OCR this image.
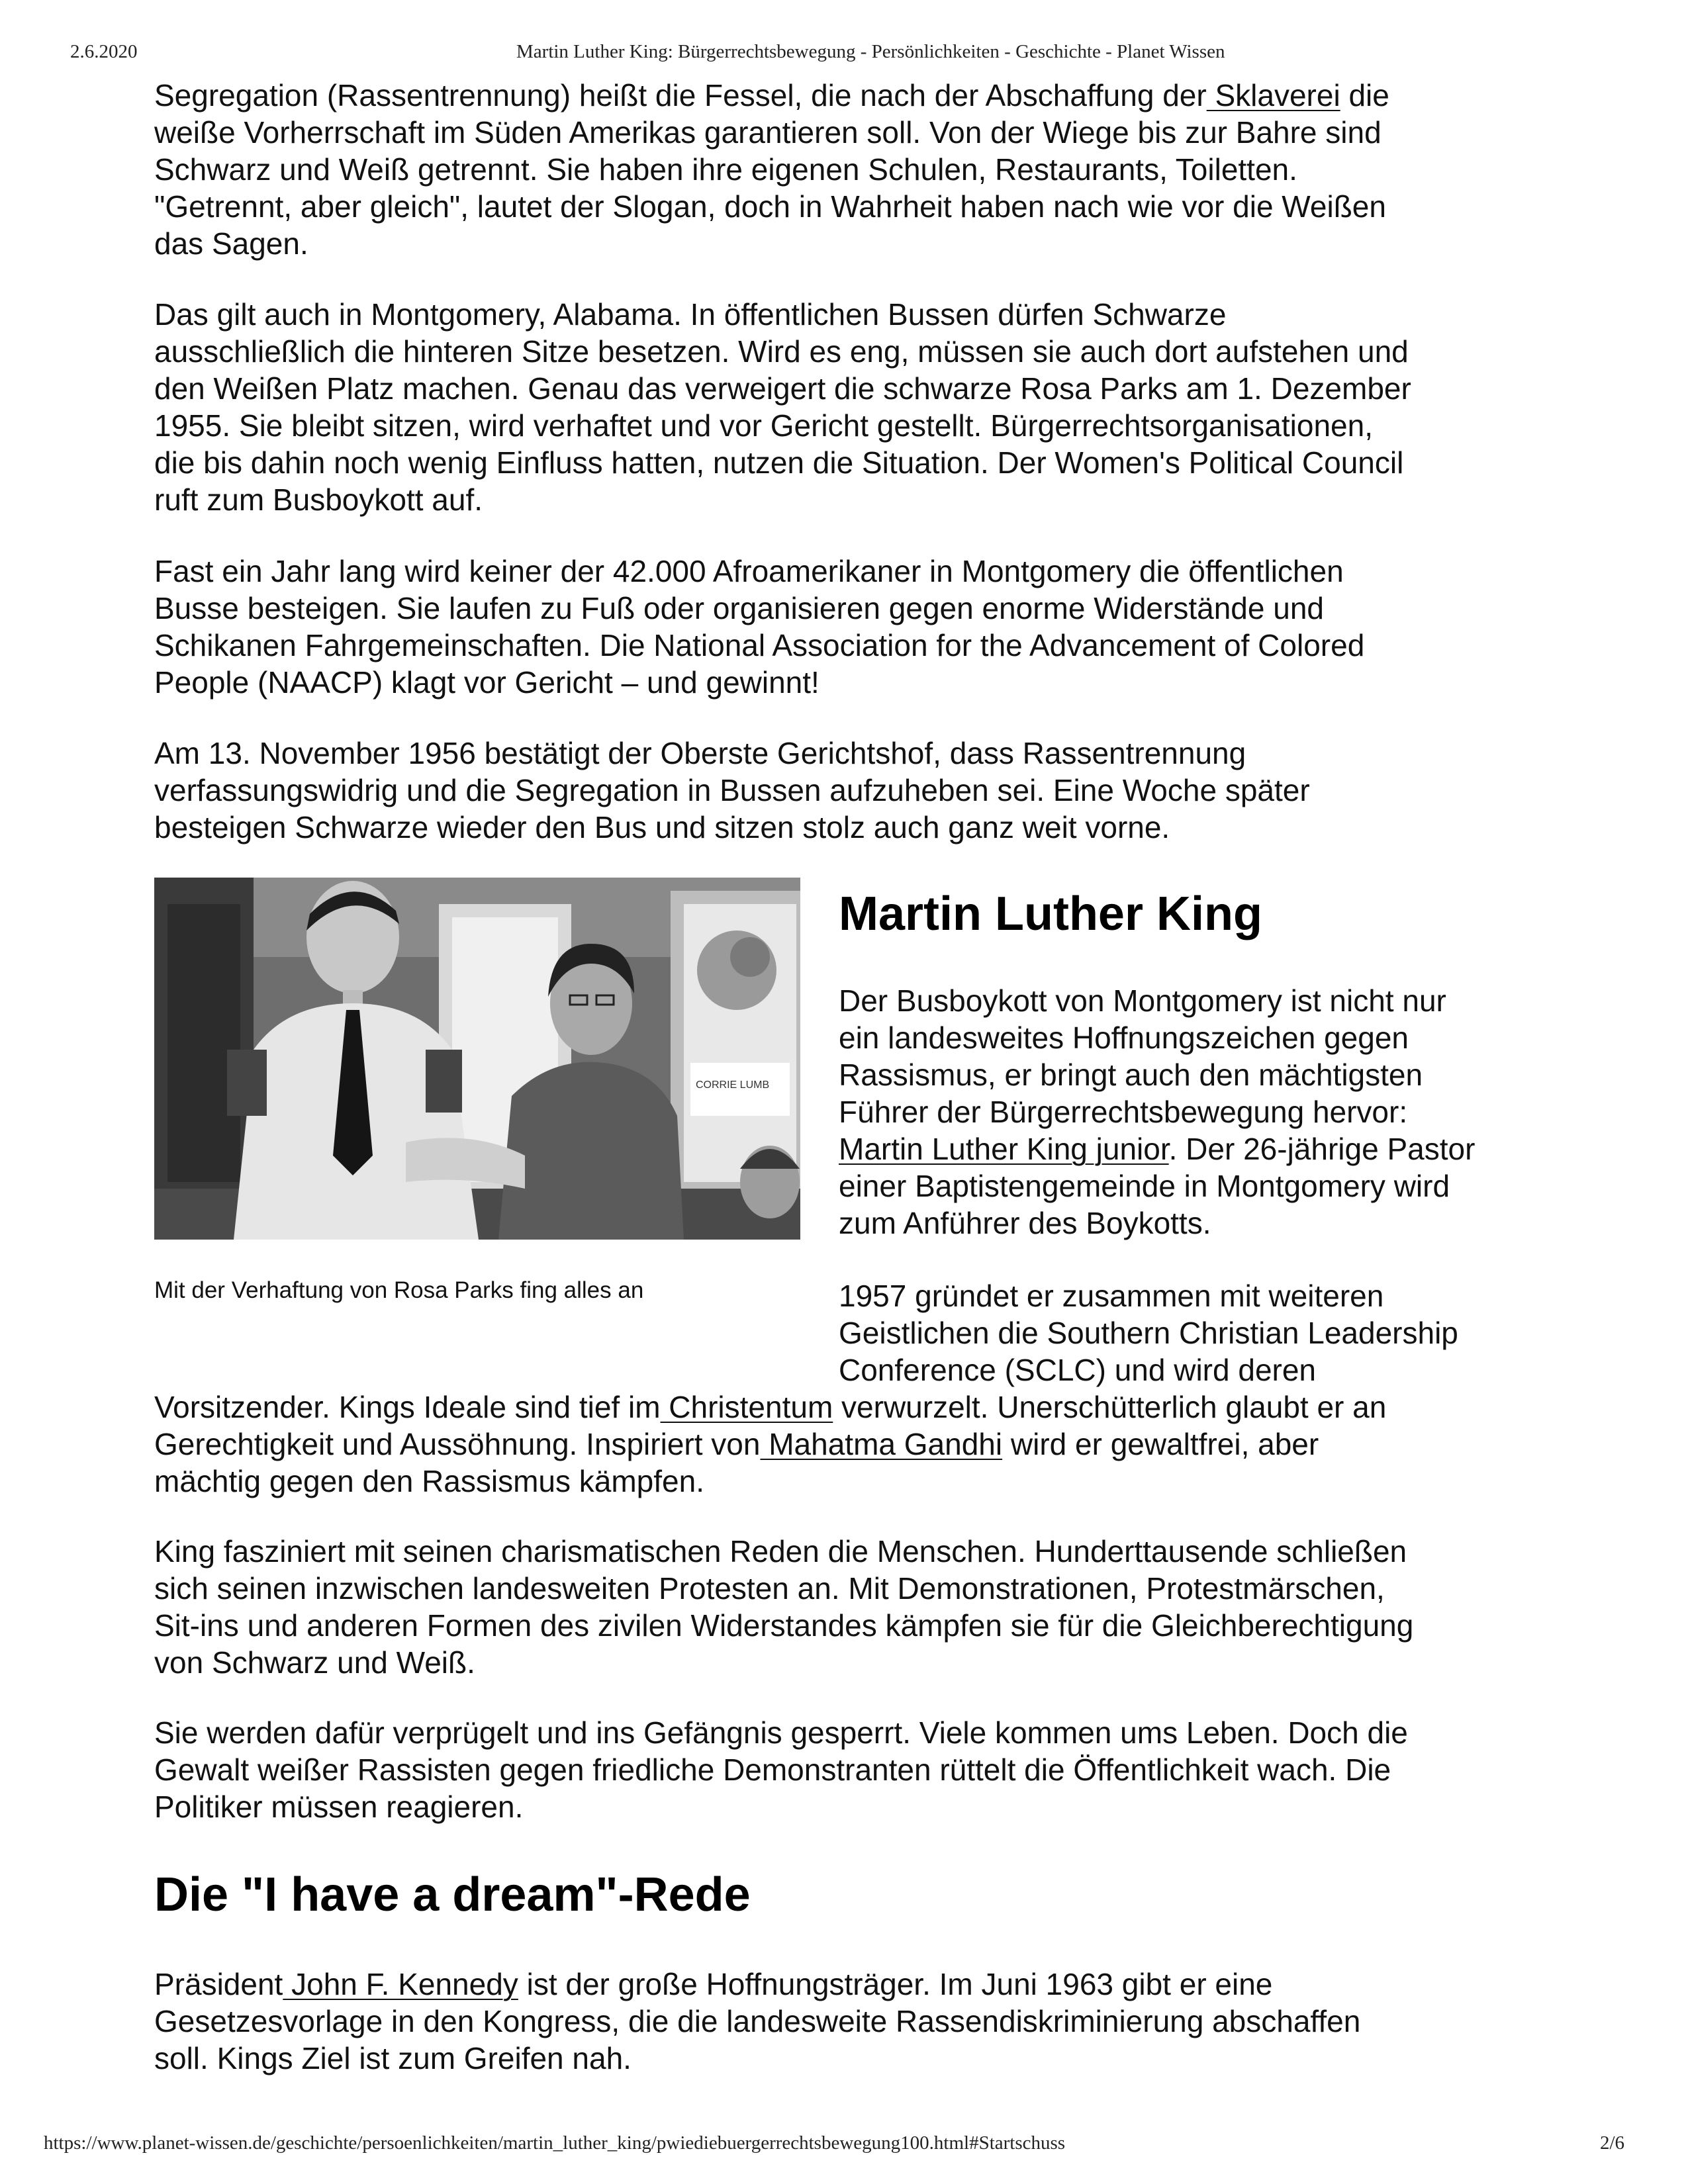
2.6.2020	Martin Luther King: Bürgerrechtsbewegung - Persönlichkeiten - Geschichte - Planet Wissen
Segregation (Rassentrennung) heißt die Fessel, die nach der Abschaffung der Sklaverei die
weiße Vorherrschaft im Süden Amerikas garantieren soll. Von der Wiege bis zur Bahre sind
Schwarz und Weiß getrennt. Sie haben ihre eigenen Schulen, Restaurants, Toiletten.
"Getrennt, aber gleich", lautet der Slogan, doch in Wahrheit haben nach wie vor die Weißen
das Sagen.
Das gilt auch in Montgomery, Alabama. In öffentlichen Bussen dürfen Schwarze
ausschließlich die hinteren Sitze besetzen. Wird es eng, müssen sie auch dort aufstehen und
den Weißen Platz machen. Genau das verweigert die schwarze Rosa Parks am 1. Dezember
1955. Sie bleibt sitzen, wird verhaftet und vor Gericht gestellt. Bürgerrechtsorganisationen,
die bis dahin noch wenig Einfluss hatten, nutzen die Situation. Der Women's Political Council
ruft zum Busboykott auf.
Fast ein Jahr lang wird keiner der 42.000 Afroamerikaner in Montgomery die öffentlichen
Busse besteigen. Sie laufen zu Fuß oder organisieren gegen enorme Widerstände und
Schikanen Fahrgemeinschaften. Die National Association for the Advancement of Colored
People (NAACP) klagt vor Gericht – und gewinnt!
Am 13. November 1956 bestätigt der Oberste Gerichtshof, dass Rassentrennung
verfassungswidrig und die Segregation in Bussen aufzuheben sei. Eine Woche später
besteigen Schwarze wieder den Bus und sitzen stolz auch ganz weit vorne.
CORRIE LUMB
Mit der Verhaftung von Rosa Parks fing alles an
Martin Luther King
Der Busboykott von Montgomery ist nicht nur
ein landesweites Hoffnungszeichen gegen
Rassismus, er bringt auch den mächtigsten
Führer der Bürgerrechtsbewegung hervor:
Martin Luther King junior. Der 26-jährige Pastor
einer Baptistengemeinde in Montgomery wird
zum Anführer des Boykotts.
1957 gründet er zusammen mit weiteren
Geistlichen die Southern Christian Leadership
Conference (SCLC) und wird deren
Vorsitzender. Kings Ideale sind tief im Christentum verwurzelt. Unerschütterlich glaubt er an
Gerechtigkeit und Aussöhnung. Inspiriert von Mahatma Gandhi wird er gewaltfrei, aber
mächtig gegen den Rassismus kämpfen.
King fasziniert mit seinen charismatischen Reden die Menschen. Hunderttausende schließen
sich seinen inzwischen landesweiten Protesten an. Mit Demonstrationen, Protestmärschen,
Sit-ins und anderen Formen des zivilen Widerstandes kämpfen sie für die Gleichberechtigung
von Schwarz und Weiß.
Sie werden dafür verprügelt und ins Gefängnis gesperrt. Viele kommen ums Leben. Doch die
Gewalt weißer Rassisten gegen friedliche Demonstranten rüttelt die Öffentlichkeit wach. Die
Politiker müssen reagieren.
Die "I have a dream"-Rede
Präsident John F. Kennedy ist der große Hoffnungsträger. Im Juni 1963 gibt er eine
Gesetzesvorlage in den Kongress, die die landesweite Rassendiskriminierung abschaffen
soll. Kings Ziel ist zum Greifen nah.
https://www.planet-wissen.de/geschichte/persoenlichkeiten/martin_luther_king/pwiediebuergerrechtsbewegung100.html#Startschuss	2/6
